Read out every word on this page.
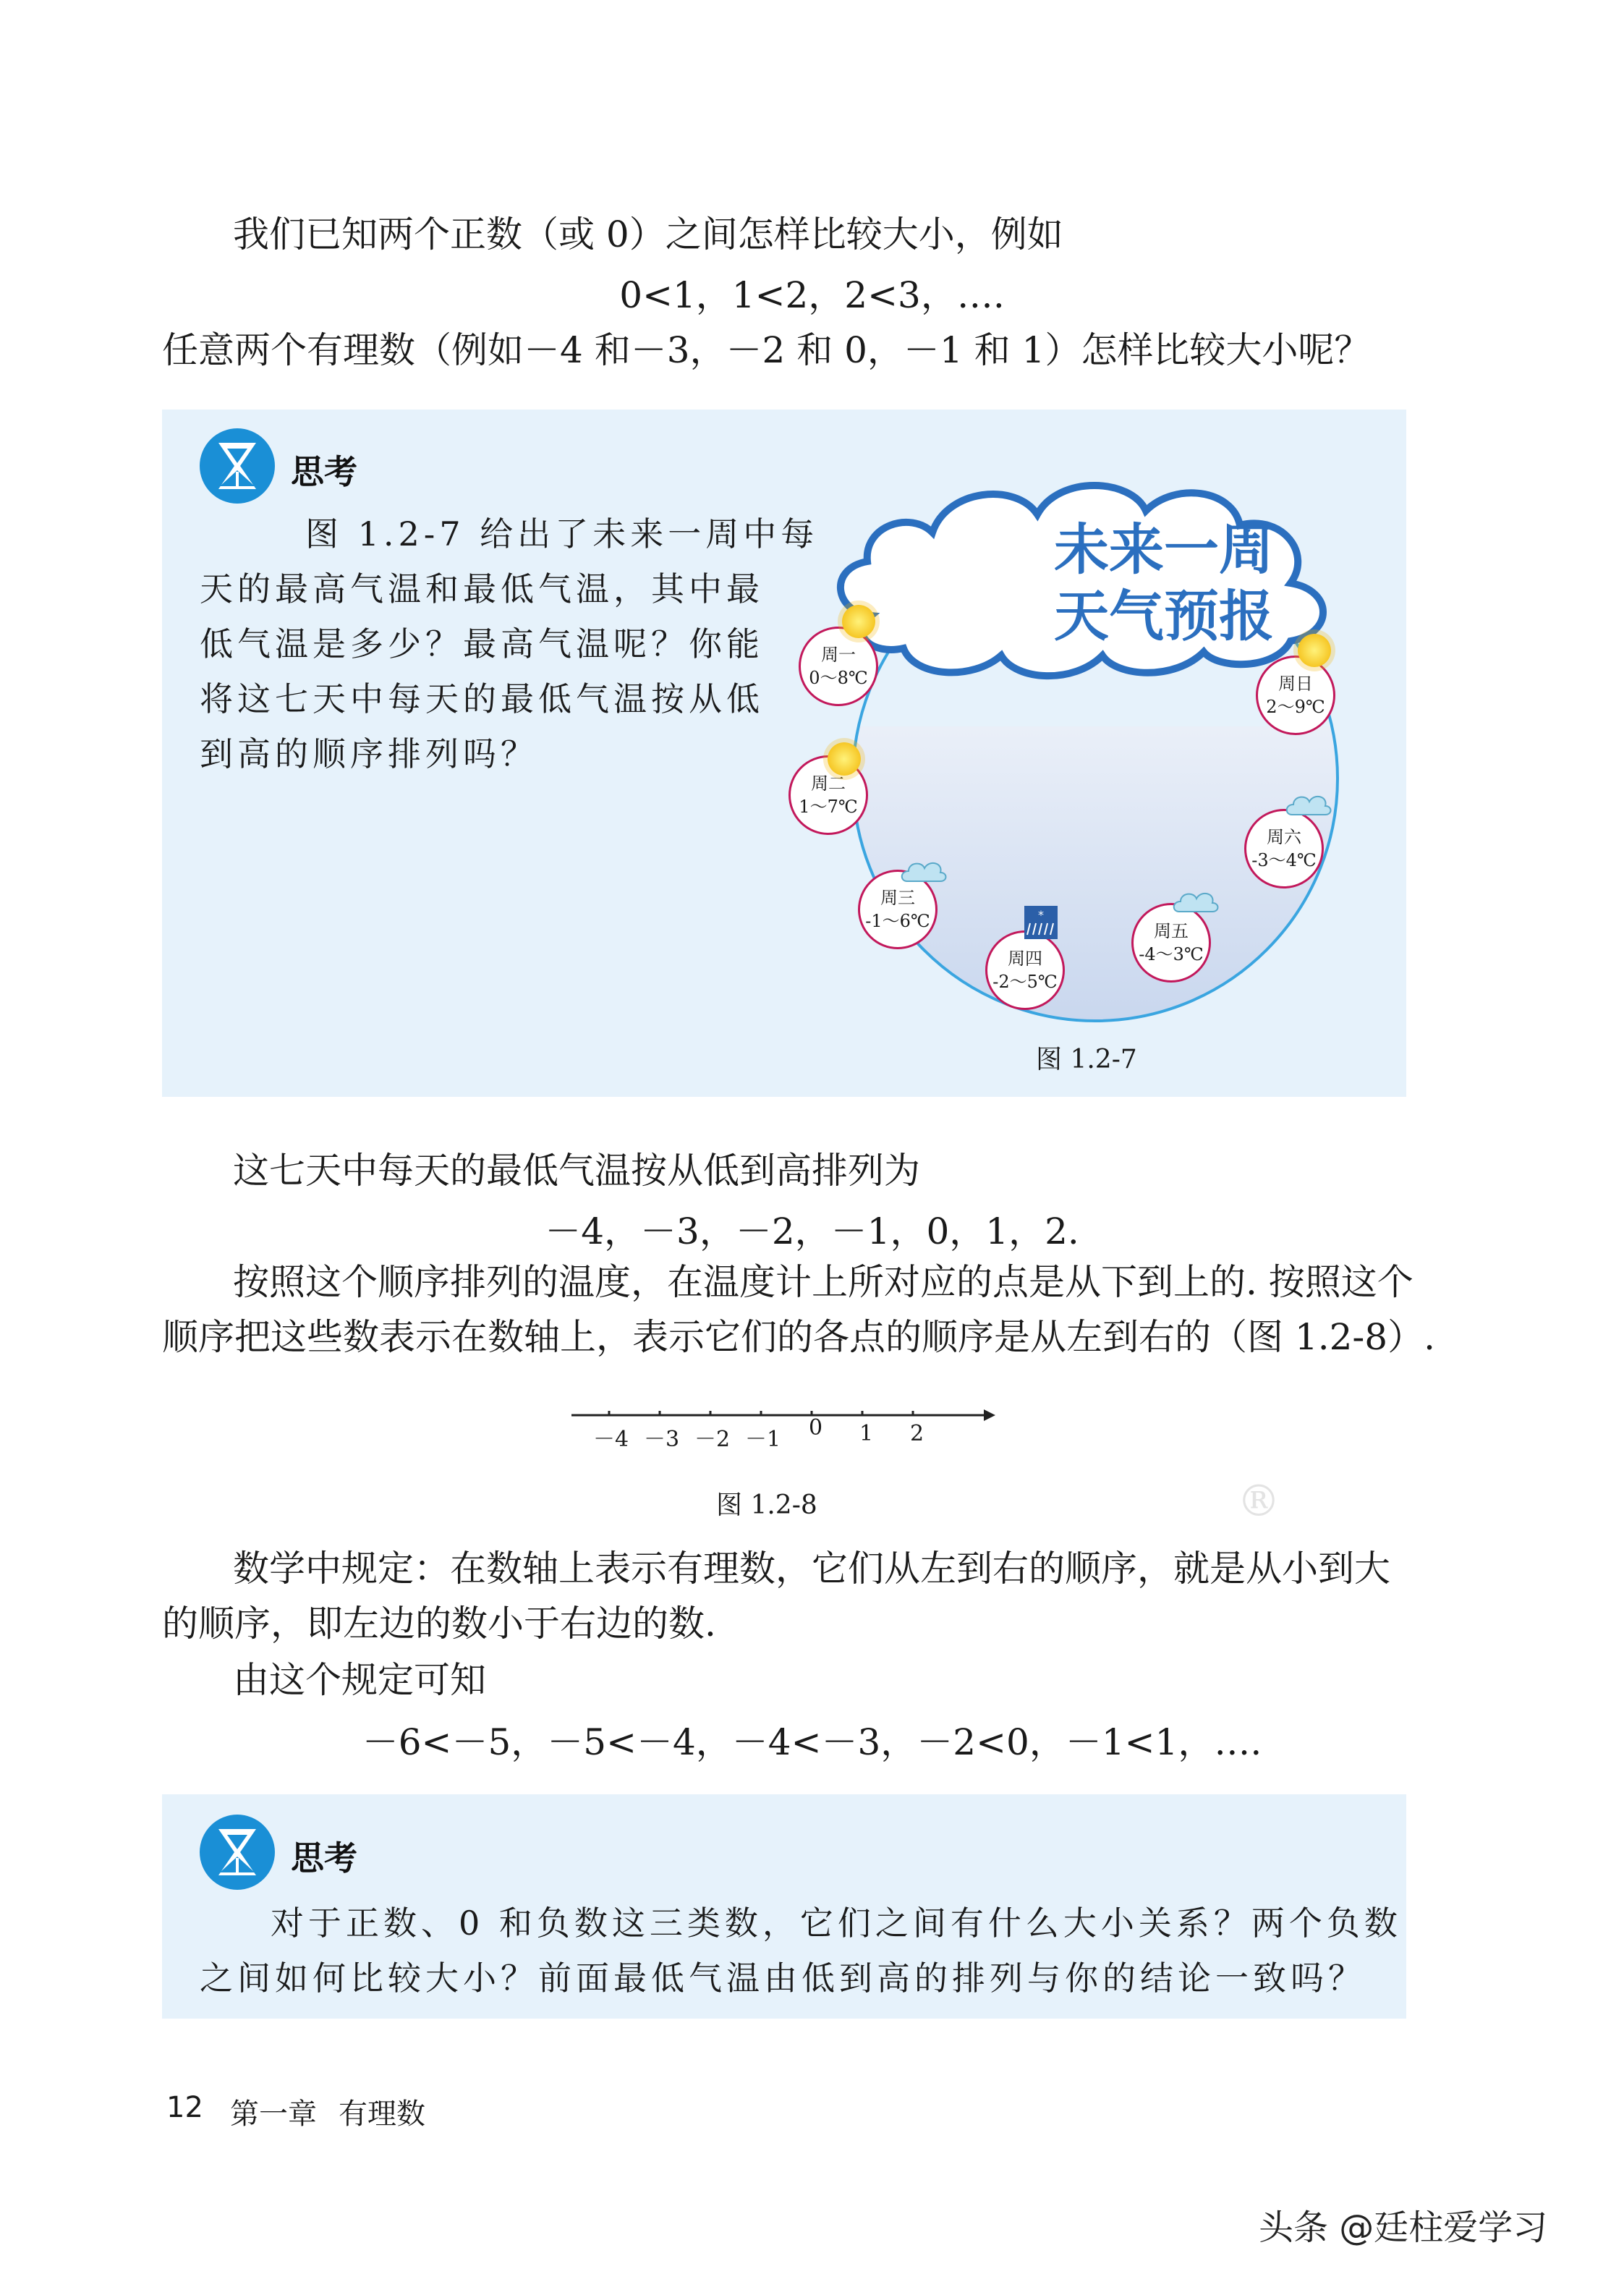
我们已知两个正数（或 0）之间怎样比较大小，例如
0<1，1<2，2<3，….
任意两个有理数（例如－4 和－3，－2 和 0，－1 和 1）怎样比较大小呢？
思考
图 1.2-7 给出了未来一周中每
天的最高气温和最低气温，其中最
低气温是多少？最高气温呢？你能
将这七天中每天的最低气温按从低
到高的顺序排列吗？
未来一周
天气预报
周一
0～8℃
周二
1～7℃
周三
-1～6℃
周四
-2～5℃
*
周五
-4～3℃
周六
-3～4℃
周日
2～9℃
图 1.2-7
这七天中每天的最低气温按从低到高排列为
－4，－3，－2，－1，0，1，2.
按照这个顺序排列的温度，在温度计上所对应的点是从下到上的. 按照这个
顺序把这些数表示在数轴上，表示它们的各点的顺序是从左到右的（图 1.2-8）.
－4 －3 －2 －1 0 1 2
图 1.2-8	®
数学中规定：在数轴上表示有理数，它们从左到右的顺序，就是从小到大
的顺序，即左边的数小于右边的数.
由这个规定可知
－6<－5，－5<－4，－4<－3，－2<0，－1<1，….
思考
对于正数、0 和负数这三类数，它们之间有什么大小关系？两个负数
之间如何比较大小？前面最低气温由低到高的排列与你的结论一致吗？
12 第一章 有理数
头条 @廷柱爱学习
